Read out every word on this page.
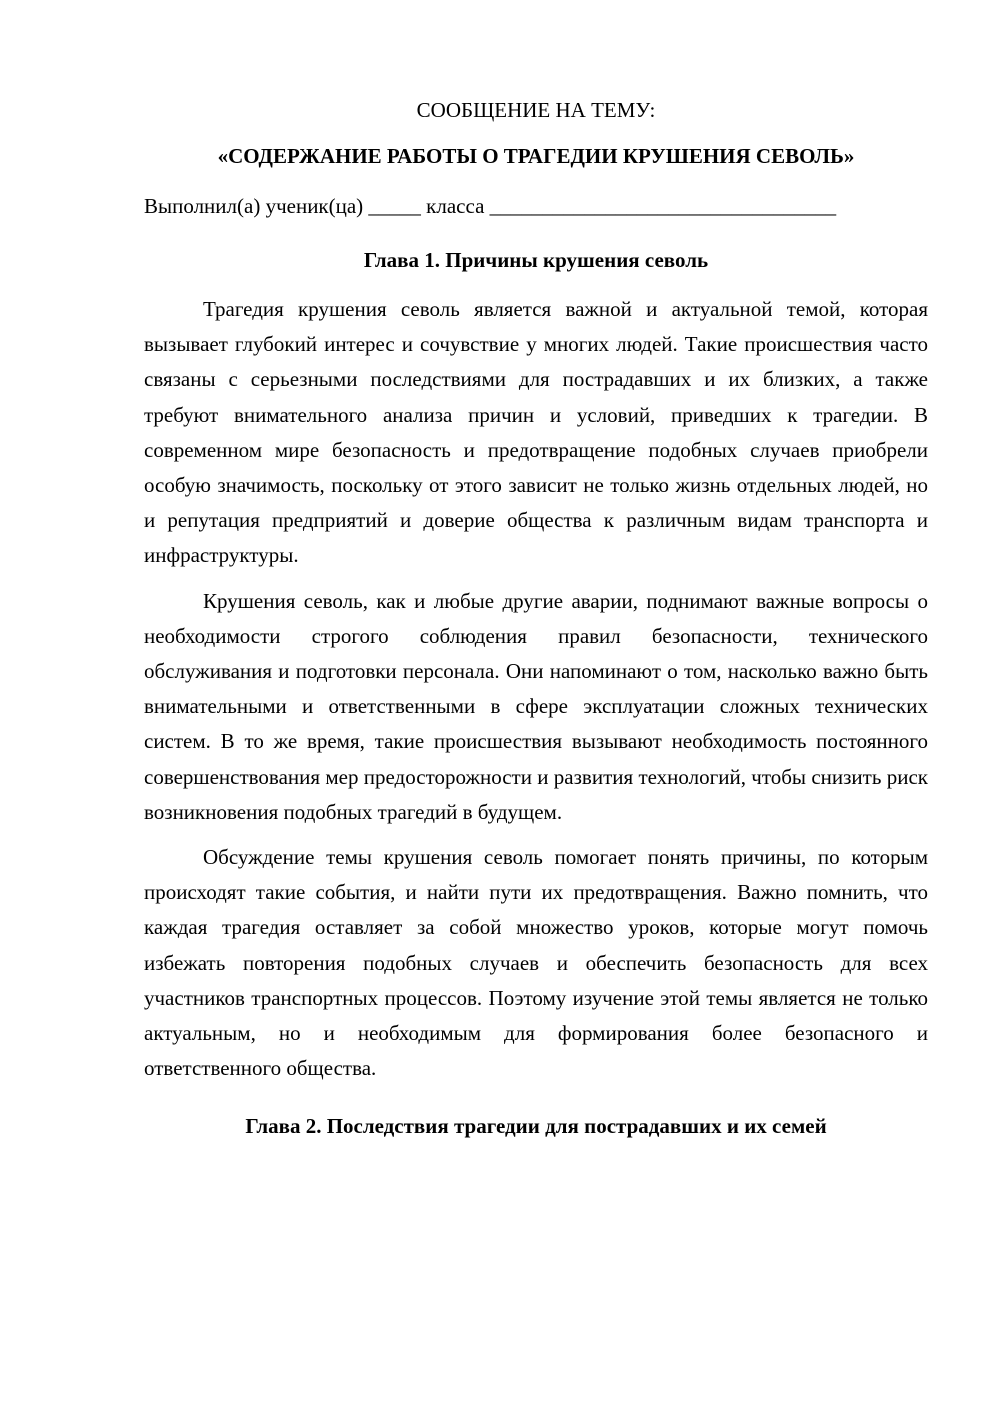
СООБЩЕНИЕ НА ТЕМУ:

«СОДЕРЖАНИЕ РАБОТЫ О ТРАГЕДИИ КРУШЕНИЯ СЕВОЛЬ»

Выполнил(а) ученик(ца) _____ класса _________________________________

Глава 1. Причины крушения севоль

Трагедия крушения севоль является важной и актуальной темой, которая вызывает глубокий интерес и сочувствие у многих людей. Такие происшествия часто связаны с серьезными последствиями для пострадавших и их близких, а также требуют внимательного анализа причин и условий, приведших к трагедии. В современном мире безопасность и предотвращение подобных случаев приобрели особую значимость, поскольку от этого зависит не только жизнь отдельных людей, но и репутация предприятий и доверие общества к различным видам транспорта и инфраструктуры.

Крушения севоль, как и любые другие аварии, поднимают важные вопросы о необходимости строгого соблюдения правил безопасности, технического обслуживания и подготовки персонала. Они напоминают о том, насколько важно быть внимательными и ответственными в сфере эксплуатации сложных технических систем. В то же время, такие происшествия вызывают необходимость постоянного совершенствования мер предосторожности и развития технологий, чтобы снизить риск возникновения подобных трагедий в будущем.

Обсуждение темы крушения севоль помогает понять причины, по которым происходят такие события, и найти пути их предотвращения. Важно помнить, что каждая трагедия оставляет за собой множество уроков, которые могут помочь избежать повторения подобных случаев и обеспечить безопасность для всех участников транспортных процессов. Поэтому изучение этой темы является не только актуальным, но и необходимым для формирования более безопасного и ответственного общества.

Глава 2. Последствия трагедии для пострадавших и их семей
